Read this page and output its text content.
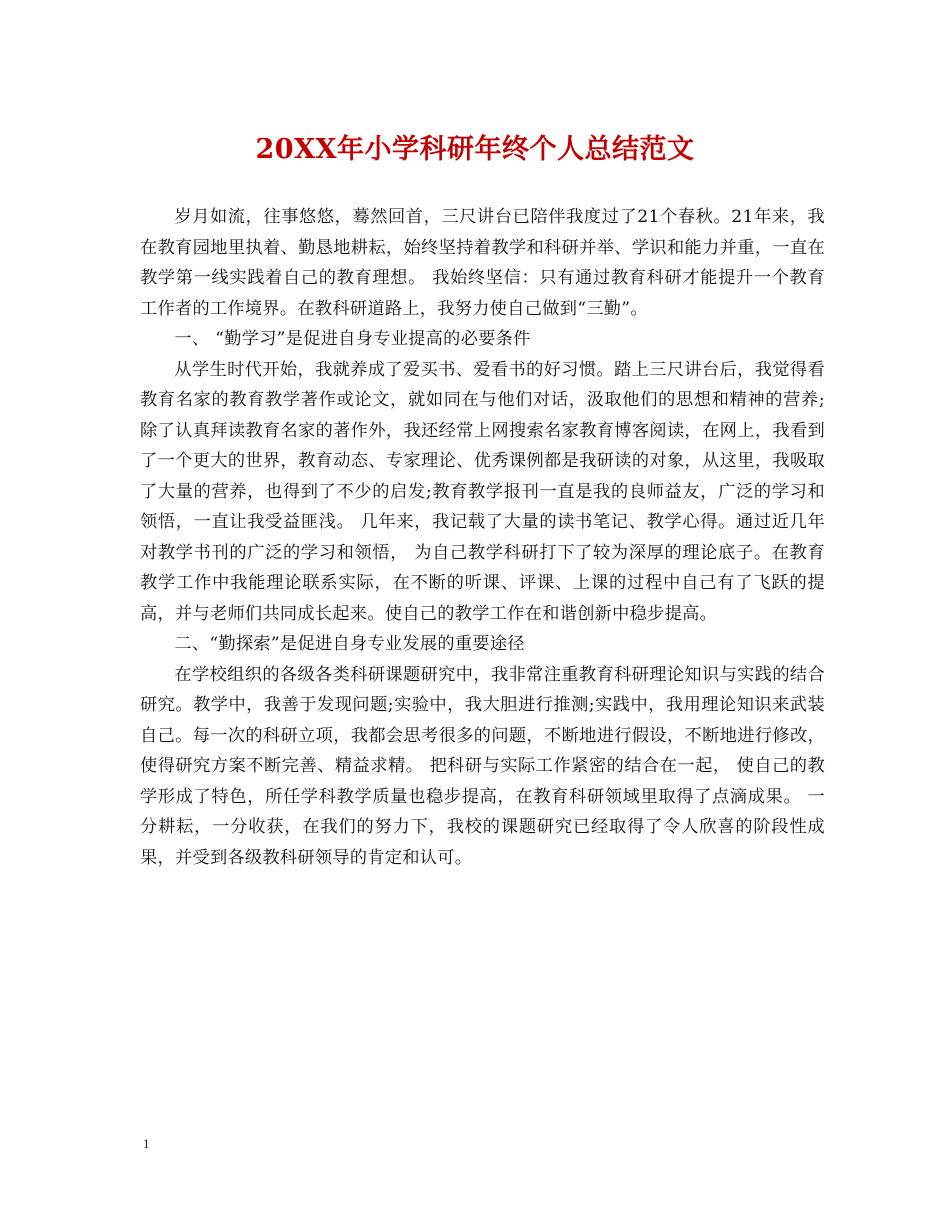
20XX年小学科研年终个人总结范文

岁月如流，往事悠悠，蓦然回首，三尺讲台已陪伴我度过了21个春秋。21年来，我在教育园地里执着、勤恳地耕耘，始终坚持着教学和科研并举、学识和能力并重，一直在教学第一线实践着自己的教育理想。 我始终坚信：只有通过教育科研才能提升一个教育工作者的工作境界。在教科研道路上，我努力使自己做到“三勤”。

一、 “勤学习”是促进自身专业提高的必要条件

从学生时代开始，我就养成了爱买书、爱看书的好习惯。踏上三尺讲台后，我觉得看教育名家的教育教学著作或论文，就如同在与他们对话，汲取他们的思想和精神的营养;除了认真拜读教育名家的著作外，我还经常上网搜索名家教育博客阅读，在网上，我看到了一个更大的世界，教育动态、专家理论、优秀课例都是我研读的对象，从这里，我吸取了大量的营养，也得到了不少的启发;教育教学报刊一直是我的良师益友，广泛的学习和领悟，一直让我受益匪浅。 几年来，我记载了大量的读书笔记、教学心得。通过近几年对教学书刊的广泛的学习和领悟， 为自己教学科研打下了较为深厚的理论底子。在教育教学工作中我能理论联系实际，在不断的听课、评课、上课的过程中自己有了飞跃的提高，并与老师们共同成长起来。使自己的教学工作在和谐创新中稳步提高。

二、“勤探索”是促进自身专业发展的重要途径

在学校组织的各级各类科研课题研究中，我非常注重教育科研理论知识与实践的结合研究。教学中，我善于发现问题;实验中，我大胆进行推测;实践中，我用理论知识来武装自己。每一次的科研立项，我都会思考很多的问题，不断地进行假设，不断地进行修改，使得研究方案不断完善、精益求精。 把科研与实际工作紧密的结合在一起， 使自己的教学形成了特色，所任学科教学质量也稳步提高，在教育科研领域里取得了点滴成果。 一分耕耘，一分收获，在我们的努力下，我校的课题研究已经取得了令人欣喜的阶段性成果，并受到各级教科研领导的肯定和认可。

1
